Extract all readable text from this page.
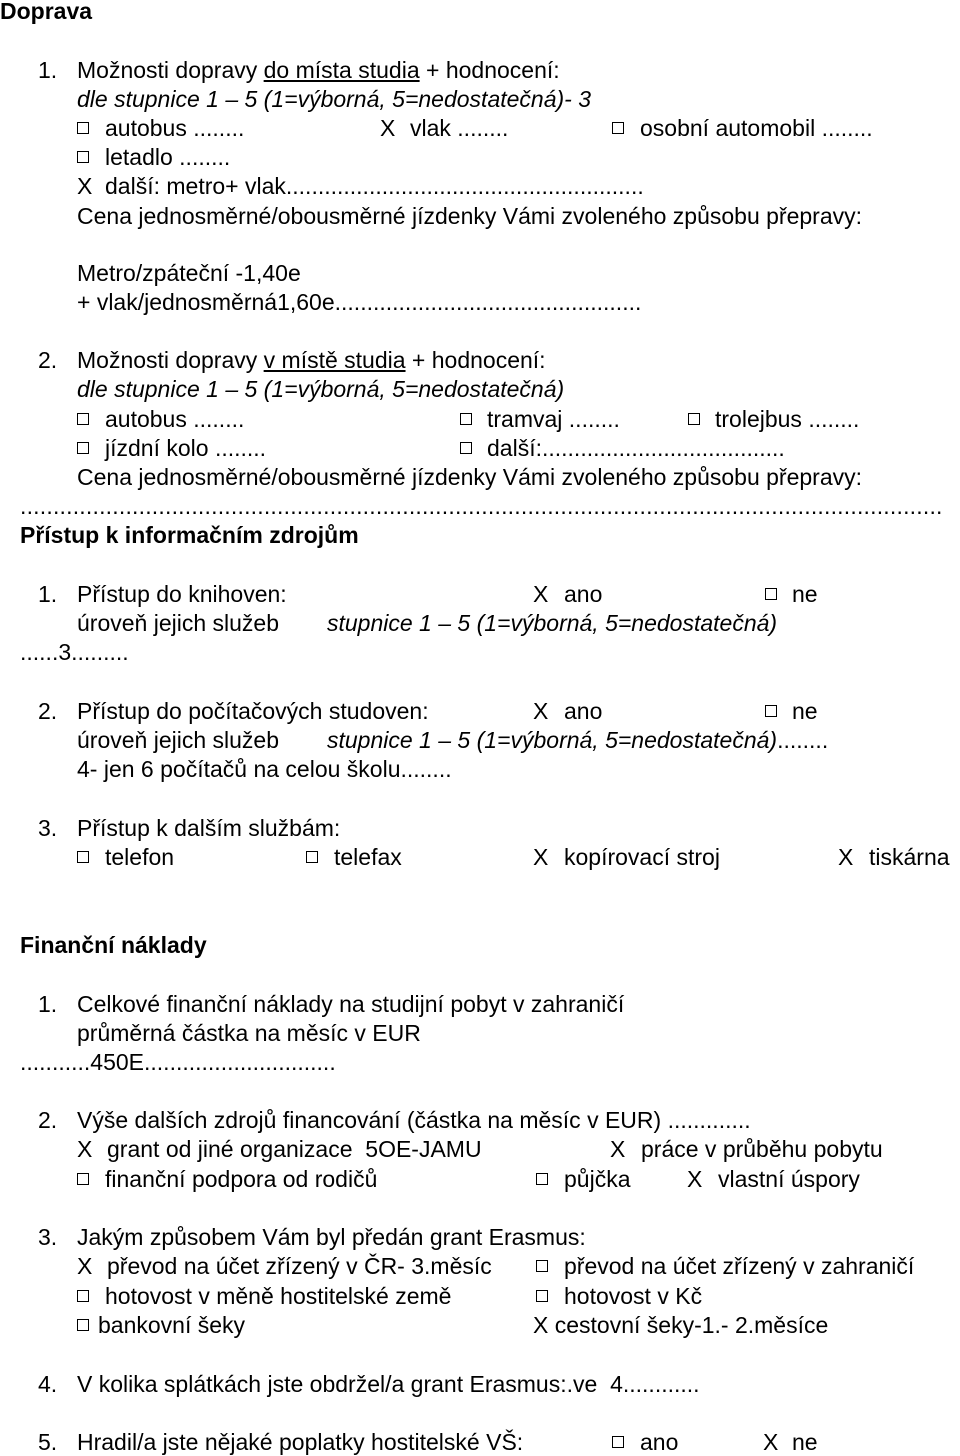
Doprava
1. Možnosti dopravy do místa studia + hodnocení:
dle stupnice 1 – 5 (1=výborná, 5=nedostatečná)- 3
autobus ........	X vlak ........	osobní automobil ........
letadlo ........
X další: metro+ vlak........................................................
Cena jednosměrné/obousměrné jízdenky Vámi zvoleného způsobu přepravy:
Metro/zpáteční -1,40e
+ vlak/jednosměrná1,60e................................................
2. Možnosti dopravy v místě studia + hodnocení:
dle stupnice 1 – 5 (1=výborná, 5=nedostatečná)
autobus ........	tramvaj ........	trolejbus ........
jízdní kolo ........	další:......................................
Cena jednosměrné/obousměrné jízdenky Vámi zvoleného způsobu přepravy:
............................................................................................................................................
Přístup k informačním zdrojům
1. Přístup do knihoven:	X ano	ne
úroveň jejich služeb stupnice 1 – 5 (1=výborná, 5=nedostatečná)
......3.........
2. Přístup do počítačových studoven:	X ano	ne
úroveň jejich služeb stupnice 1 – 5 (1=výborná, 5=nedostatečná)........
4- jen 6 počítačů na celou školu........
3. Přístup k dalším službám:
telefon	telefax	X kopírovací stroj	X tiskárna
Finanční náklady
1. Celkové finanční náklady na studijní pobyt v zahraničí
průměrná částka na měsíc v EUR
...........450E..............................
2. Výše dalších zdrojů financování (částka na měsíc v EUR) .............
X grant od jiné organizace  5OE-JAMU	X práce v průběhu pobytu
finanční podpora od rodičů	půjčka X vlastní úspory
3. Jakým způsobem Vám byl předán grant Erasmus:
X převod na účet zřízený v ČR- 3.měsíc	převod na účet zřízený v zahraničí
hotovost v měně hostitelské země	hotovost v Kč
bankovní šeky	X cestovní šeky-1.- 2.měsíce
4. V kolika splátkách jste obdržel/a grant Erasmus:.ve  4............
5. Hradil/a jste nějaké poplatky hostitelské VŠ:	ano	X ne
